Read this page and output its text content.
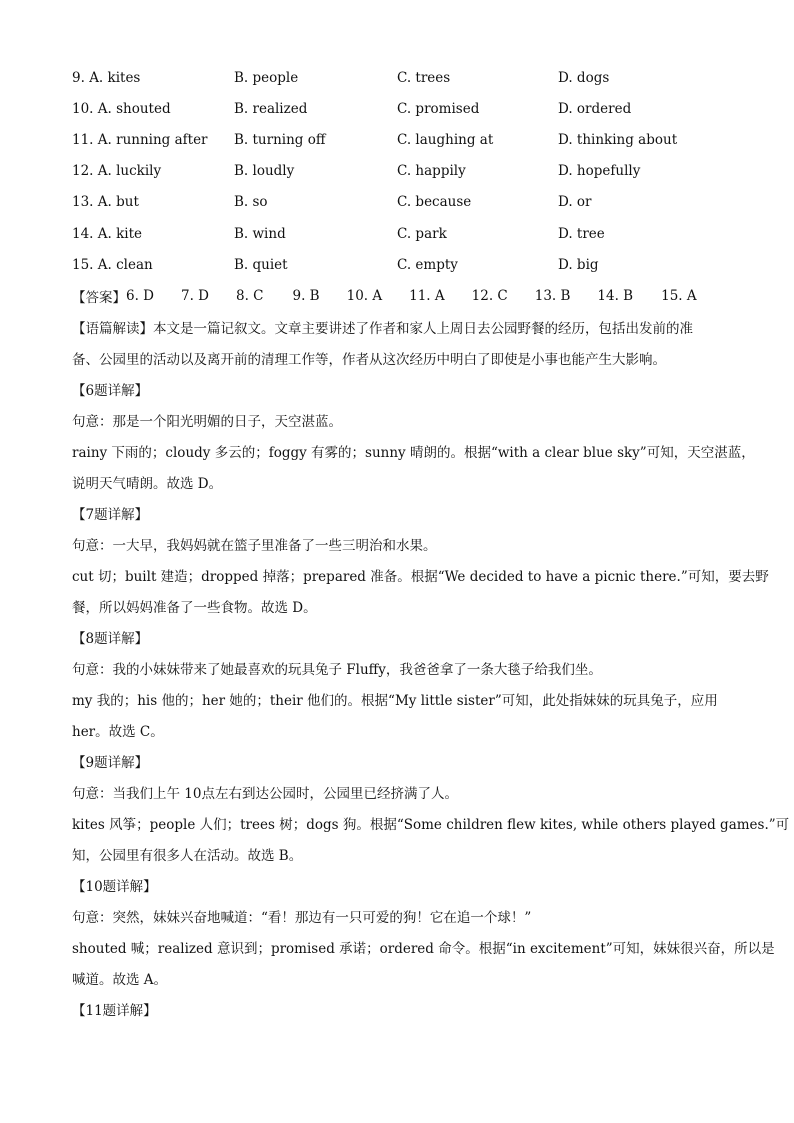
9. A. kites	B. people	C. trees	D. dogs
10. A. shouted	B. realized	C. promised	D. ordered
11. A. running after	B. turning off	C. laughing at	D. thinking about
12. A. luckily	B. loudly	C. happily	D. hopefully
13. A. but	B. so	C. because	D. or
14. A. kite	B. wind	C. park	D. tree
15. A. clean	B. quiet	C. empty	D. big
【答案】 6. D 7. D 8. C 9. B 10. A 11. A 12. C 13. B 14. B 15. A
【语篇解读】本文是一篇记叙文。文章主要讲述了作者和家人上周日去公园野餐的经历，包括出发前的准
备、公园里的活动以及离开前的清理工作等，作者从这次经历中明白了即使是小事也能产生大影响。
【6题详解】
句意：那是一个阳光明媚的日子，天空湛蓝。
rainy 下雨的；cloudy 多云的；foggy 有雾的；sunny 晴朗的。根据“with a clear blue sky”可知，天空湛蓝，
说明天气晴朗。故选 D。
【7题详解】
句意：一大早，我妈妈就在篮子里准备了一些三明治和水果。
cut 切；built 建造；dropped 掉落；prepared 准备。根据“We decided to have a picnic there.”可知，要去野
餐，所以妈妈准备了一些食物。故选 D。
【8题详解】
句意：我的小妹妹带来了她最喜欢的玩具兔子 Fluffy，我爸爸拿了一条大毯子给我们坐。
my 我的；his 他的；her 她的；their 他们的。根据“My little sister”可知，此处指妹妹的玩具兔子，应用
her。故选 C。
【9题详解】
句意：当我们上午 10点左右到达公园时，公园里已经挤满了人。
kites 风筝；people 人们；trees 树；dogs 狗。根据“Some children flew kites, while others played games.”可
知，公园里有很多人在活动。故选 B。
【10题详解】
句意：突然，妹妹兴奋地喊道：“看！那边有一只可爱的狗！它在追一个球！”
shouted 喊；realized 意识到；promised 承诺；ordered 命令。根据“in excitement”可知，妹妹很兴奋，所以是
喊道。故选 A。
【11题详解】
